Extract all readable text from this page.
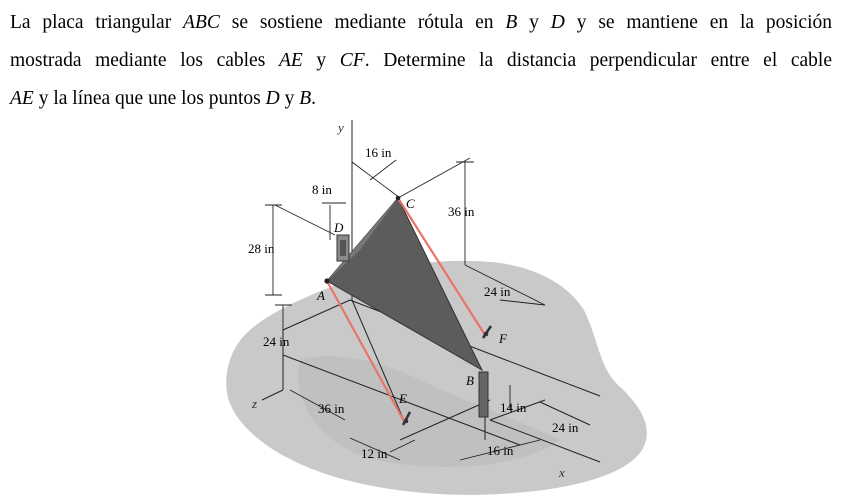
La placa triangular ABC se sostiene mediante rótula en B y D y se mantiene en la posición
mostrada mediante los cables AE y CF. Determine la distancia perpendicular entre el cable
AE y la línea que une los puntos D y B.
A
B
C
D
E
F
y
z
x
16 in
8 in
36 in
28 in
24 in
24 in
36 in	14 in
24 in
12 in	16 in
